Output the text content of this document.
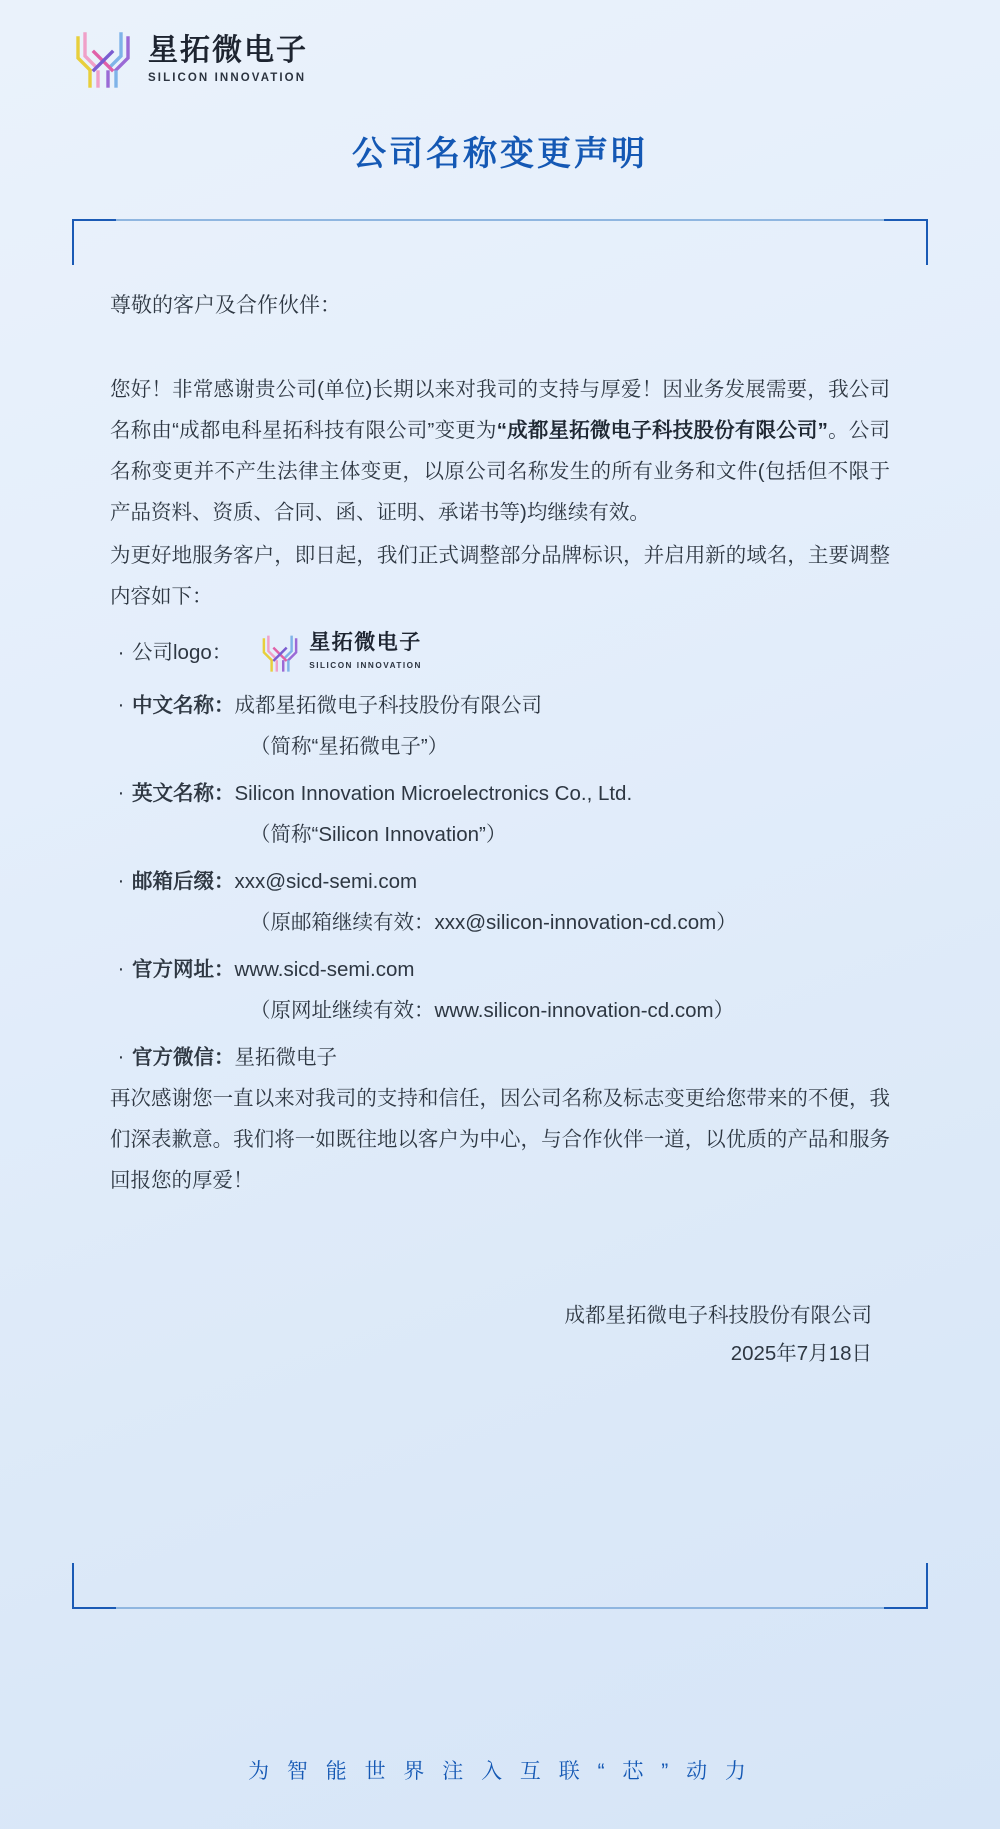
星拓微电子
SILICON INNOVATION
公司名称变更声明
尊敬的客户及合作伙伴：

您好！非常感谢贵公司(单位)长期以来对我司的支持与厚爱！因业务发展需要，我公司名称由“成都电科星拓科技有限公司”变更为“成都星拓微电子科技股份有限公司”。公司名称变更并不产生法律主体变更，以原公司名称发生的所有业务和文件(包括但不限于产品资料、资质、合同、函、证明、承诺书等)均继续有效。

为更好地服务客户，即日起，我们正式调整部分品牌标识，并启用新的域名，主要调整内容如下：

· 公司logo：	星拓微电子
SILICON INNOVATION
· 中文名称： 成都星拓微电子科技股份有限公司
（简称“星拓微电子”）
· 英文名称： Silicon Innovation Microelectronics Co., Ltd.
（简称“Silicon Innovation”）
· 邮箱后缀： xxx@sicd-semi.com
（原邮箱继续有效：xxx@silicon-innovation-cd.com）
· 官方网址： www.sicd-semi.com
（原网址继续有效：www.silicon-innovation-cd.com）
· 官方微信： 星拓微电子

再次感谢您一直以来对我司的支持和信任，因公司名称及标志变更给您带来的不便，我们深表歉意。我们将一如既往地以客户为中心，与合作伙伴一道，以优质的产品和服务回报您的厚爱！

成都星拓微电子科技股份有限公司
2025年7月18日
为 智 能 世 界 注 入 互 联 “ 芯 ” 动 力
